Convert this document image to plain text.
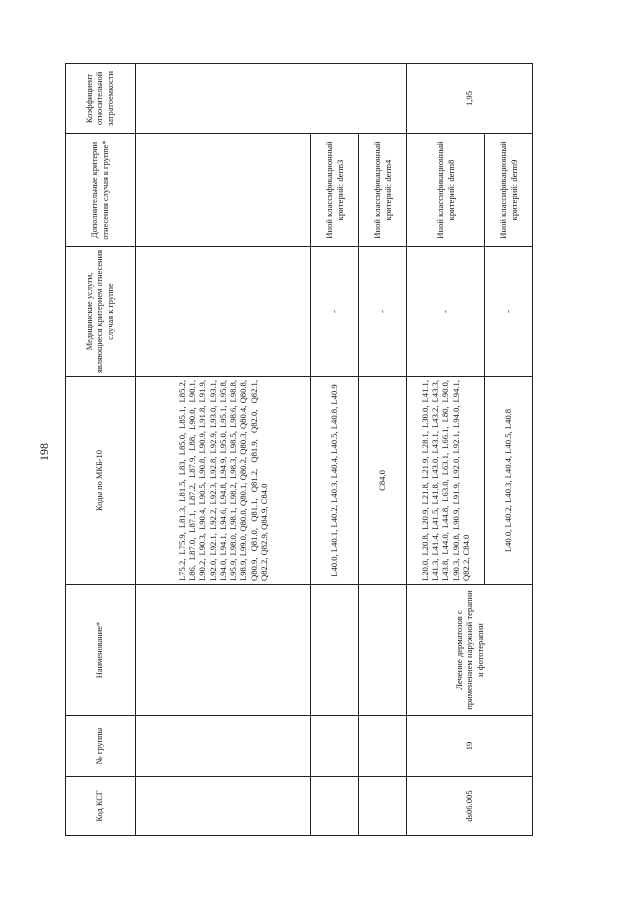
198
Код КСГ	№ группы	Наименование*	Коды по МКБ-10	Медицинские услуги, являющиеся критерием отнесения случая к группе	Дополнительные критерии отнесения случая к группе*	Коэффициент относительной затратоемкости
			L75.2, L75.9, L81.3, L81.5, L83, L85.0, L85.1, L85.2, L86, L87.0, L87.1, L87.2, L87.9, L88, L90.0, L90.1, L90.2, L90.3, L90.4, L90.5, L90.8, L90.9, L91.8, L91.9, L92.0, L92.1, L92.2, L92.3, L92.8, L92.9, L93.0, L93.1, L94.0, L94.1, L94.6, L94.8, L94.9, L95.0, L95.1, L95.8, L95.9, L98.0, L98.1, L98.2, L98.3, L98.5, L98.6, L98.8, L98.9, L99.0, Q80.0, Q80.1, Q80.2, Q80.3, Q80.4, Q80.8, Q80.9, Q81.0, Q81.1, Q81.2, Q81.9, Q82.0, Q82.1, Q82.2, Q82.9, Q84.9, C84.0			
			L40.0, L40.1, L40.2, L40.3, L40.4, L40.5, L40.8, L40.9	-	Иной классификационный критерий: derm3	
			C84.0	-	Иной классификационный критерий: derm4	
ds06.005	19	Лечение дерматозов с применением наружной терапии и фототерапии	L20.0, L20.8, L20.9, L21.8, L21.9, L28.1, L30.0, L41.1, L41.3, L41.4, L41.5, L41.8, L43.0, L43.1, L43.2, L43.3, L43.8, L44.0, L44.8, L63.0, L63.1, L66.1, L80, L90.0, L90.3, L90.8, L90.9, L91.9, L92.0, L92.1, L94.0, L94.1, Q82.2, C84.0	-	Иной классификационный критерий: derm8	1,95
			L40.0, L40.2, L40.3, L40.4, L40.5, L40.8	-	Иной классификационный критерий: derm9	
